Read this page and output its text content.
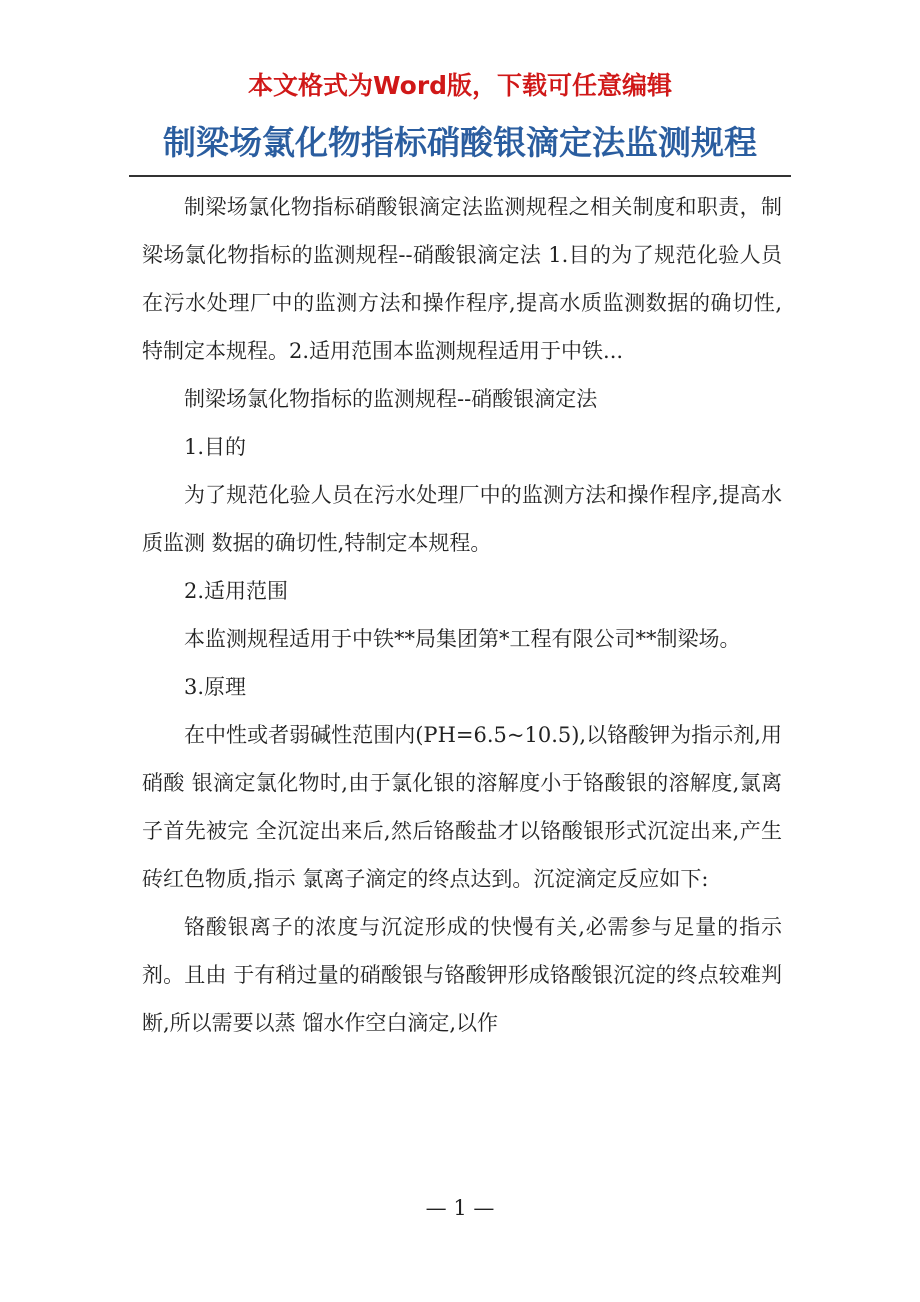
本文格式为Word版，下载可任意编辑
制梁场氯化物指标硝酸银滴定法监测规程

制梁场氯化物指标硝酸银滴定法监测规程之相关制度和职责，制梁场氯化物指标的监测规程--硝酸银滴定法 1.目的为了规范化验人员在污水处理厂中的监测方法和操作程序,提高水质监测数据的确切性,特制定本规程。2.适用范围本监测规程适用于中铁...

制梁场氯化物指标的监测规程--硝酸银滴定法

1.目的

为了规范化验人员在污水处理厂中的监测方法和操作程序,提高水质监测 数据的确切性,特制定本规程。

2.适用范围

本监测规程适用于中铁**局集团第*工程有限公司**制梁场。

3.原理

在中性或者弱碱性范围内(PH=6.5~10.5),以铬酸钾为指示剂,用硝酸 银滴定氯化物时,由于氯化银的溶解度小于铬酸银的溶解度,氯离子首先被完 全沉淀出来后,然后铬酸盐才以铬酸银形式沉淀出来,产生砖红色物质,指示 氯离子滴定的终点达到。沉淀滴定反应如下:

铬酸银离子的浓度与沉淀形成的快慢有关,必需参与足量的指示剂。且由 于有稍过量的硝酸银与铬酸钾形成铬酸银沉淀的终点较难判断,所以需要以蒸 馏水作空白滴定,以作

— 1 —
